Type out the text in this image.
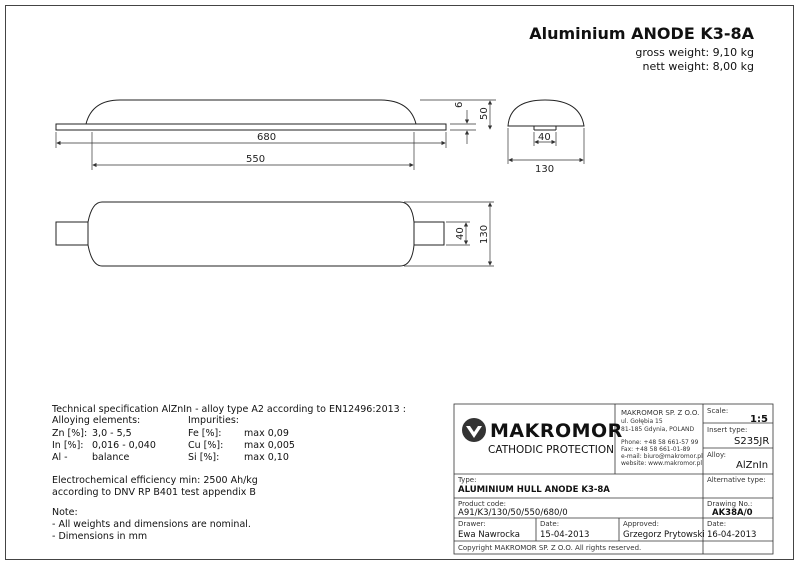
Aluminium ANODE K3-8A
gross weight: 9,10 kg
nett weight: 8,00 kg
680
550
6
50
40
130
40 130
Technical specification AlZnIn - alloy type A2 according to EN12496:2013 :
Alloying elements:	Impurities:
Zn [%]: 3,0 - 5,5	Fe [%]: max 0,09
In [%]: 0,016 - 0,040	Cu [%]: max 0,005
Al -	balance	Si [%]:	max 0,10
Electrochemical efficiency min: 2500 Ah/kg
according to DNV RP B401 test appendix B
Note:
- All weights and dimensions are nominal.
- Dimensions in mm
MAKROMOR
CATHODIC PROTECTION
MAKROMOR SP. Z O.O.
ul. Gołębia 15
81-185 Gdynia, POLAND
Phone: +48 58 661-57 99
Fax: +48 58 661-01-89
e-mail: biuro@makromor.pl
website: www.makromor.pl
Scale:
1:5
Insert type:
S235JR
Alloy:
AlZnIn
Type:
ALUMINIUM HULL ANODE K3-8A
Alternative type:
Product code:
A91/K3/130/50/550/680/0
Drawing No.:
AK38A/0
Drawer:
Ewa Nawrocka
Date:
15-04-2013
Approved:
Grzegorz Prytowski
Date:
16-04-2013
Copyright MAKROMOR SP. Z O.O. All rights reserved.
